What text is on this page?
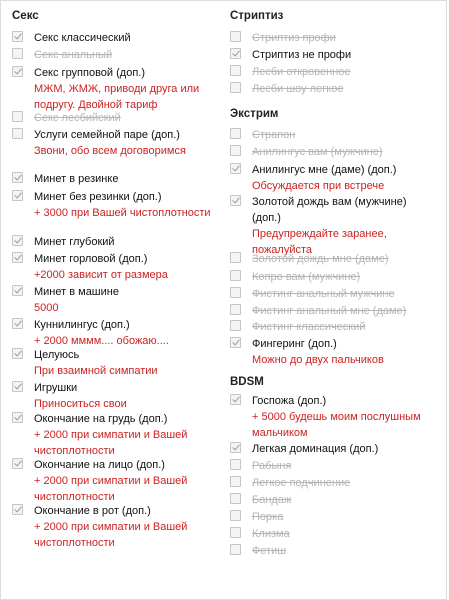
Секс
Секс классический
Секс анальный
Секс групповой (доп.)
МЖМ, ЖМЖ, приводи друга или подругу. Двойной тариф
Секс лесбийский
Услуги семейной паре (доп.)
Звони, обо всем договоримся
Минет в резинке
Минет без резинки (доп.)
+ 3000 при Вашей чистоплотности
Минет глубокий
Минет горловой (доп.)
+2000 зависит от размера
Минет в машине
5000
Куннилингус (доп.)
+ 2000 мммм.... обожаю....
Целуюсь
При взаимной симпатии
Игрушки
Приноситься свои
Окончание на грудь (доп.)
+ 2000 при симпатии и Вашей чистоплотности
Окончание на лицо (доп.)
+ 2000 при симпатии и Вашей чистоплотности
Окончание в рот (доп.)
+ 2000 при симпатии и Вашей чистоплотности
Стриптиз
Стриптиз профи
Стриптиз не профи
Лесби откровенное
Лесби шоу легкое
Экстрим
Страпон
Анилингус вам (мужчине)
Анилингус мне (даме) (доп.)
Обсуждается при встрече
Золотой дождь вам (мужчине) (доп.)
Предупреждайте заранее, пожалуйста
Золотой дождь мне (даме)
Копро вам (мужчине)
Фистинг анальный мужчине
Фистинг анальный мне (даме)
Фистинг классический
Фингеринг (доп.)
Можно до двух пальчиков
BDSM
Госпожа (доп.)
+ 5000 будешь моим послушным мальчиком
Легкая доминация (доп.)
Рабыня
Легкое подчинение
Бандаж
Порка
Клизма
Фетиш
